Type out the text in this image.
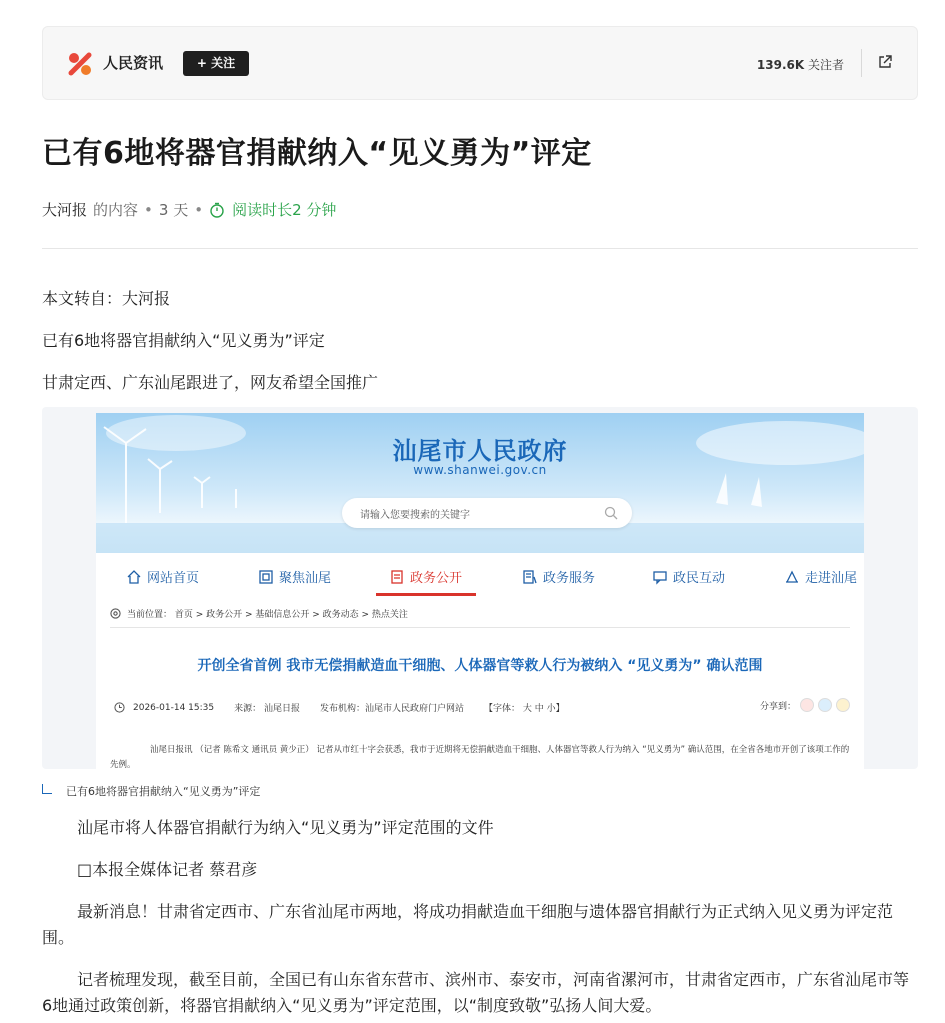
人民资讯	+ 关注	139.6K 关注者
已有6地将器官捐献纳入“见义勇为”评定
大河报 的内容 • 3 天 • 阅读时长2 分钟

本文转自：大河报

已有6地将器官捐献纳入“见义勇为”评定

甘肃定西、广东汕尾跟进了，网友希望全国推广

汕尾市人民政府
www.shanwei.gov.cn
请输入您要搜索的关键字
网站首页	聚焦汕尾	政务公开	政务服务	政民互动	走进汕尾
当前位置： 首页 > 政务公开 > 基础信息公开 > 政务动态 > 热点关注
开创全省首例 我市无偿捐献造血干细胞、人体器官等救人行为被纳入 “见义勇为” 确认范围
2026-01-14 15:35 来源： 汕尾日报 发布机构：汕尾市人民政府门户网站 【字体： 大 中 小】	分享到：
汕尾日报讯 （记者 陈希文 通讯员 黄少正） 记者从市红十字会获悉，我市于近期将无偿捐献造血干细胞、人体器官等救人行为纳入 “见义勇为” 确认范围，在全省各地市开创了该项工作的先例。
已有6地将器官捐献纳入“见义勇为”评定

汕尾市将人体器官捐献行为纳入“见义勇为”评定范围的文件

□本报全媒体记者 蔡君彦

最新消息！甘肃省定西市、广东省汕尾市两地，将成功捐献造血干细胞与遗体器官捐献行为正式纳入见义勇为评定范围。

记者梳理发现，截至目前，全国已有山东省东营市、滨州市、泰安市，河南省漯河市，甘肃省定西市，广东省汕尾市等6地通过政策创新，将器官捐献纳入“见义勇为”评定范围，以“制度致敬”弘扬人间大爱。
